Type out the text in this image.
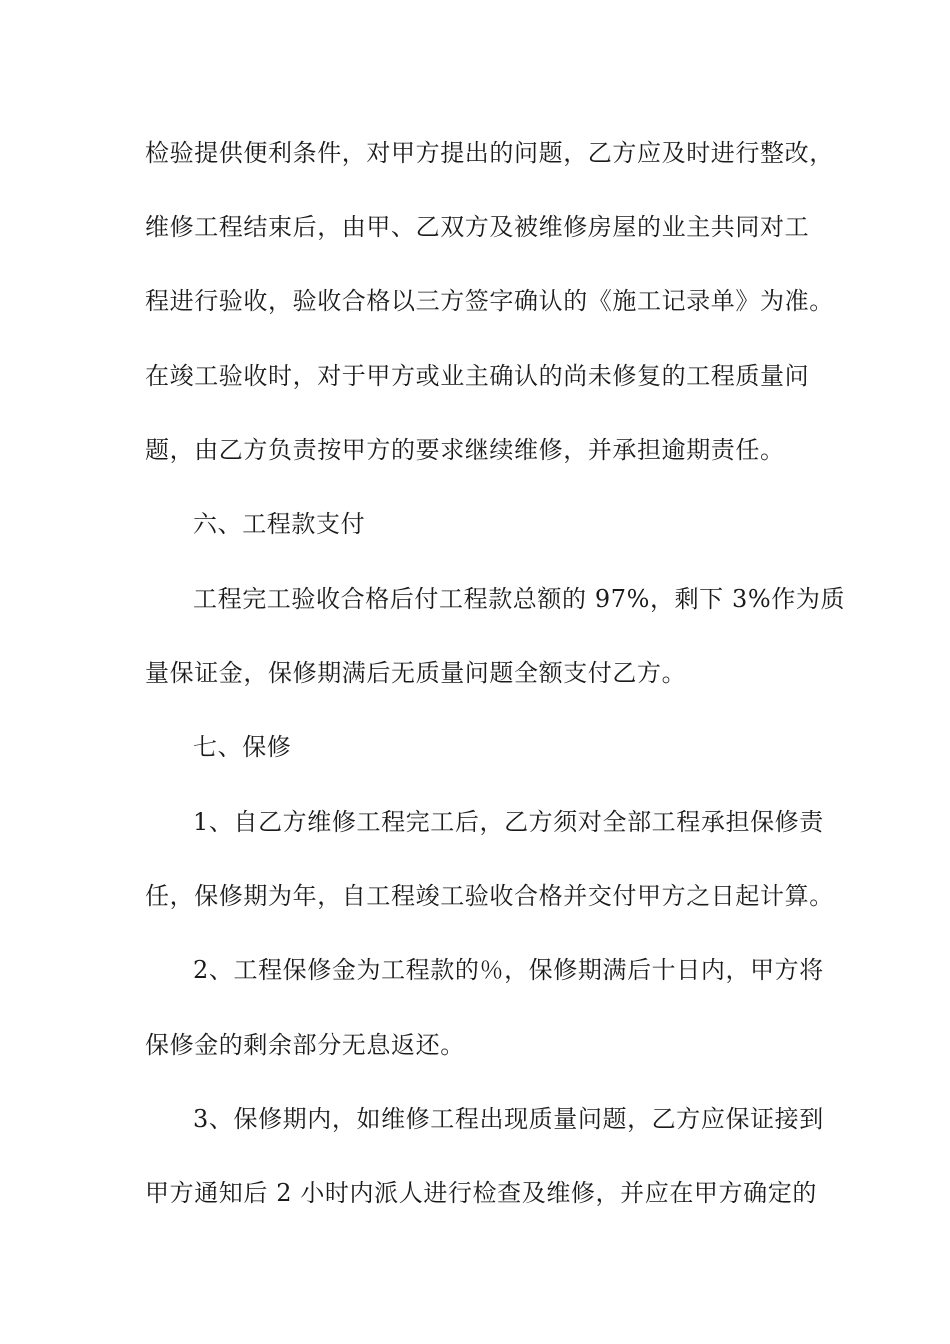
检验提供便利条件，对甲方提出的问题，乙方应及时进行整改，
维修工程结束后，由甲、乙双方及被维修房屋的业主共同对工
程进行验收，验收合格以三方签字确认的《施工记录单》为准。
在竣工验收时，对于甲方或业主确认的尚未修复的工程质量问
题，由乙方负责按甲方的要求继续维修，并承担逾期责任。
六、工程款支付
工程完工验收合格后付工程款总额的 97%，剩下 3%作为质
量保证金，保修期满后无质量问题全额支付乙方。
七、保修
1、自乙方维修工程完工后，乙方须对全部工程承担保修责
任，保修期为年，自工程竣工验收合格并交付甲方之日起计算。
2、工程保修金为工程款的％，保修期满后十日内，甲方将
保修金的剩余部分无息返还。
3、保修期内，如维修工程出现质量问题，乙方应保证接到
甲方通知后 2 小时内派人进行检查及维修，并应在甲方确定的
